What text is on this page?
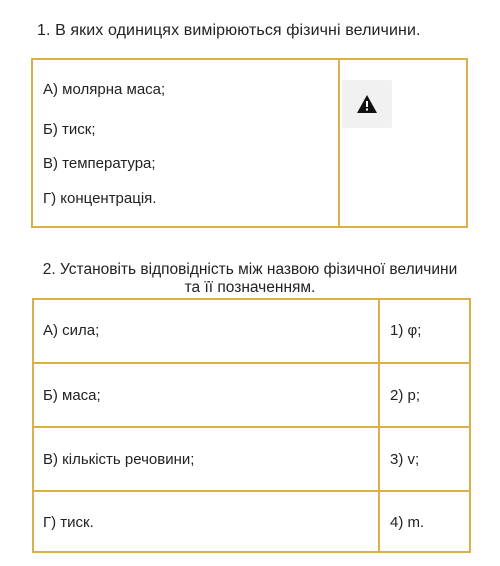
1. В яких одиницях вимірюються фізичні величини.
А) молярна маса;
Б) тиск;
В) температура;
Г) концентрація.
2. Установіть відповідність між назвою фізичної величини
та її позначенням.
А) сила;	1) φ;
Б) маса;	2) p;
В) кількість речовини;	3) v;
Г) тиск.	4) m.
